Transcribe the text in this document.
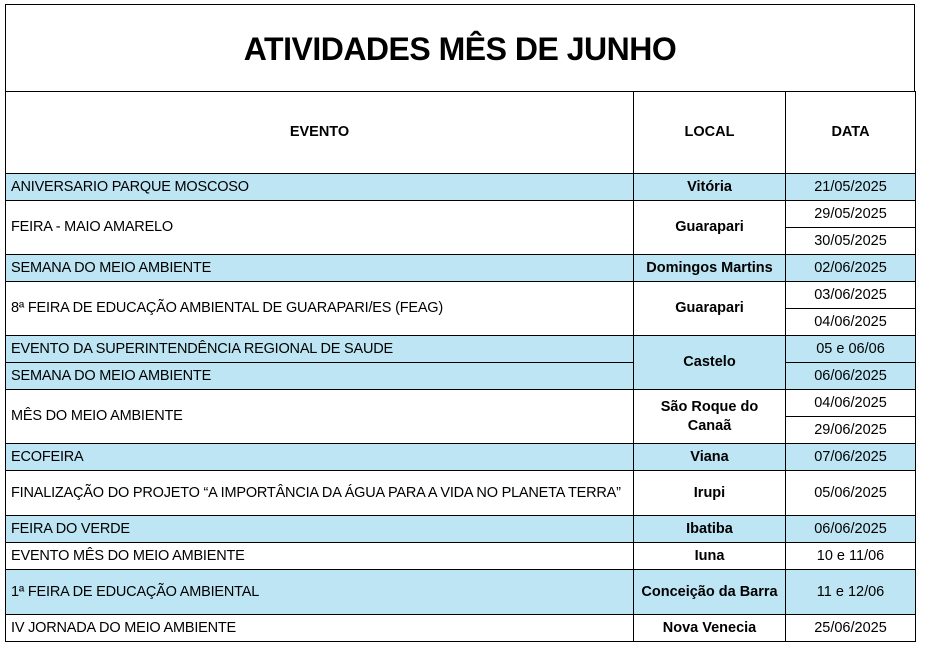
ATIVIDADES MÊS DE JUNHO
EVENTO	LOCAL	DATA
ANIVERSARIO PARQUE MOSCOSO	Vitória	21/05/2025
FEIRA - MAIO AMARELO	Guarapari	29/05/2025
		30/05/2025
SEMANA DO MEIO AMBIENTE	Domingos Martins	02/06/2025
8ª FEIRA DE EDUCAÇÃO AMBIENTAL DE GUARAPARI/ES (FEAG)	Guarapari	03/06/2025
		04/06/2025
EVENTO DA SUPERINTENDÊNCIA REGIONAL DE SAUDE	Castelo	05 e 06/06
SEMANA DO MEIO AMBIENTE		06/06/2025
MÊS DO MEIO AMBIENTE	São Roque do Canaã	04/06/2025
		29/06/2025
ECOFEIRA	Viana	07/06/2025
FINALIZAÇÃO DO PROJETO “A IMPORTÂNCIA DA ÁGUA PARA A VIDA NO PLANETA TERRA”	Irupi	05/06/2025
FEIRA DO VERDE	Ibatiba	06/06/2025
EVENTO MÊS DO MEIO AMBIENTE	Iuna	10 e 11/06
1ª FEIRA DE EDUCAÇÃO AMBIENTAL	Conceição da Barra	11 e 12/06
IV JORNADA DO MEIO AMBIENTE	Nova Venecia	25/06/2025
